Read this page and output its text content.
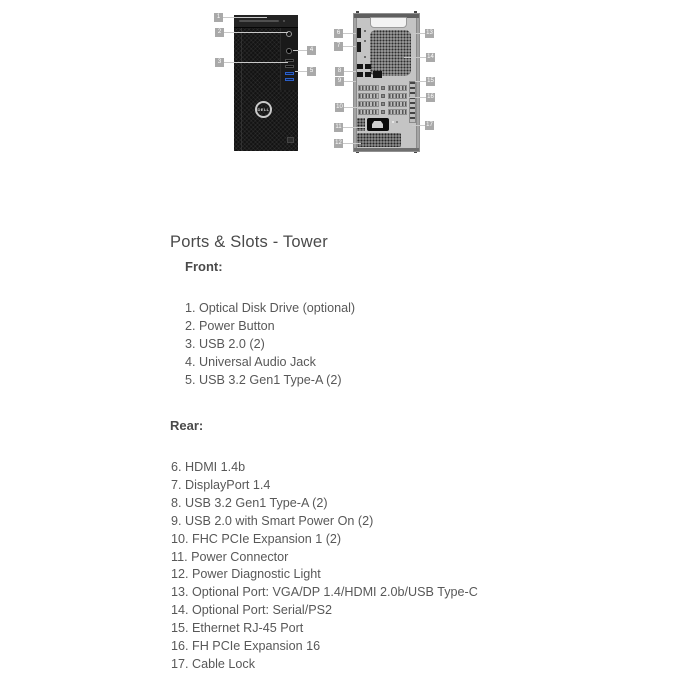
DELL
1
2
3
4
5
6
7
8
9
10
11
12
13
14
15
16
17
Ports & Slots - Tower
Front:
1. Optical Disk Drive (optional)
2. Power Button
3. USB 2.0 (2)
4. Universal Audio Jack
5. USB 3.2 Gen1 Type-A (2)
Rear:
6. HDMI 1.4b
7. DisplayPort 1.4
8. USB 3.2 Gen1 Type-A (2)
9. USB 2.0 with Smart Power On (2)
10. FHC PCIe Expansion 1 (2)
11. Power Connector
12. Power Diagnostic Light
13. Optional Port: VGA/DP 1.4/HDMI 2.0b/USB Type-C
14. Optional Port: Serial/PS2
15. Ethernet RJ-45 Port
16. FH PCIe Expansion 16
17. Cable Lock
